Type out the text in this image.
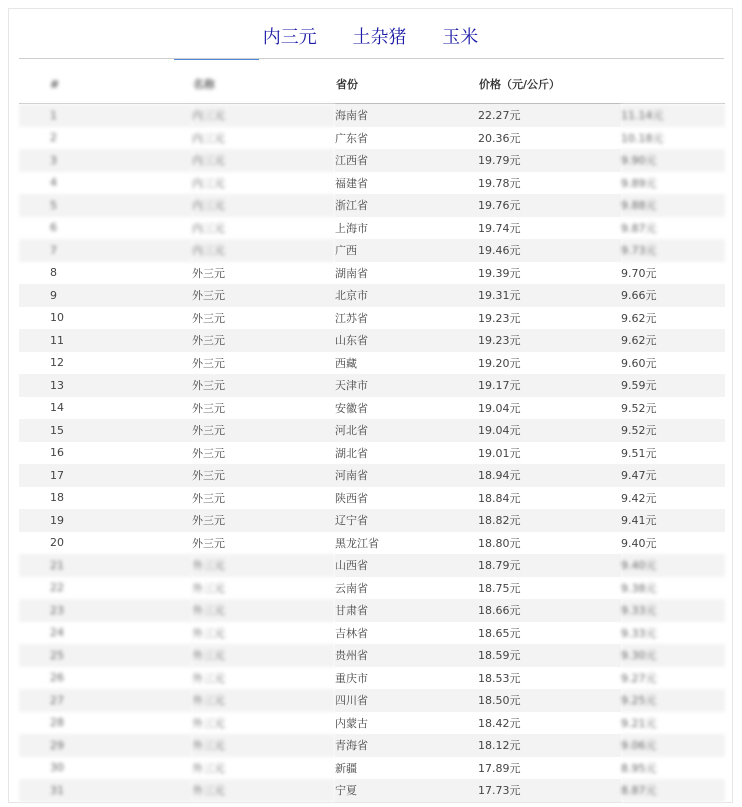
内三元 土杂猪 玉米
#	名称	省份	价格（元/公斤）	
1	内三元	海南省	22.27元	11.14元
2	内三元	广东省	20.36元	10.18元
3	内三元	江西省	19.79元	9.90元
4	内三元	福建省	19.78元	9.89元
5	内三元	浙江省	19.76元	9.88元
6	内三元	上海市	19.74元	9.87元
7	内三元	广西	19.46元	9.73元
8	外三元	湖南省	19.39元	9.70元
9	外三元	北京市	19.31元	9.66元
10	外三元	江苏省	19.23元	9.62元
11	外三元	山东省	19.23元	9.62元
12	外三元	西藏	19.20元	9.60元
13	外三元	天津市	19.17元	9.59元
14	外三元	安徽省	19.04元	9.52元
15	外三元	河北省	19.04元	9.52元
16	外三元	湖北省	19.01元	9.51元
17	外三元	河南省	18.94元	9.47元
18	外三元	陕西省	18.84元	9.42元
19	外三元	辽宁省	18.82元	9.41元
20	外三元	黑龙江省	18.80元	9.40元
21	外三元	山西省	18.79元	9.40元
22	外三元	云南省	18.75元	9.38元
23	外三元	甘肃省	18.66元	9.33元
24	外三元	吉林省	18.65元	9.33元
25	外三元	贵州省	18.59元	9.30元
26	外三元	重庆市	18.53元	9.27元
27	外三元	四川省	18.50元	9.25元
28	外三元	内蒙古	18.42元	9.21元
29	外三元	青海省	18.12元	9.06元
30	外三元	新疆	17.89元	8.95元
31	外三元	宁夏	17.73元	8.87元
